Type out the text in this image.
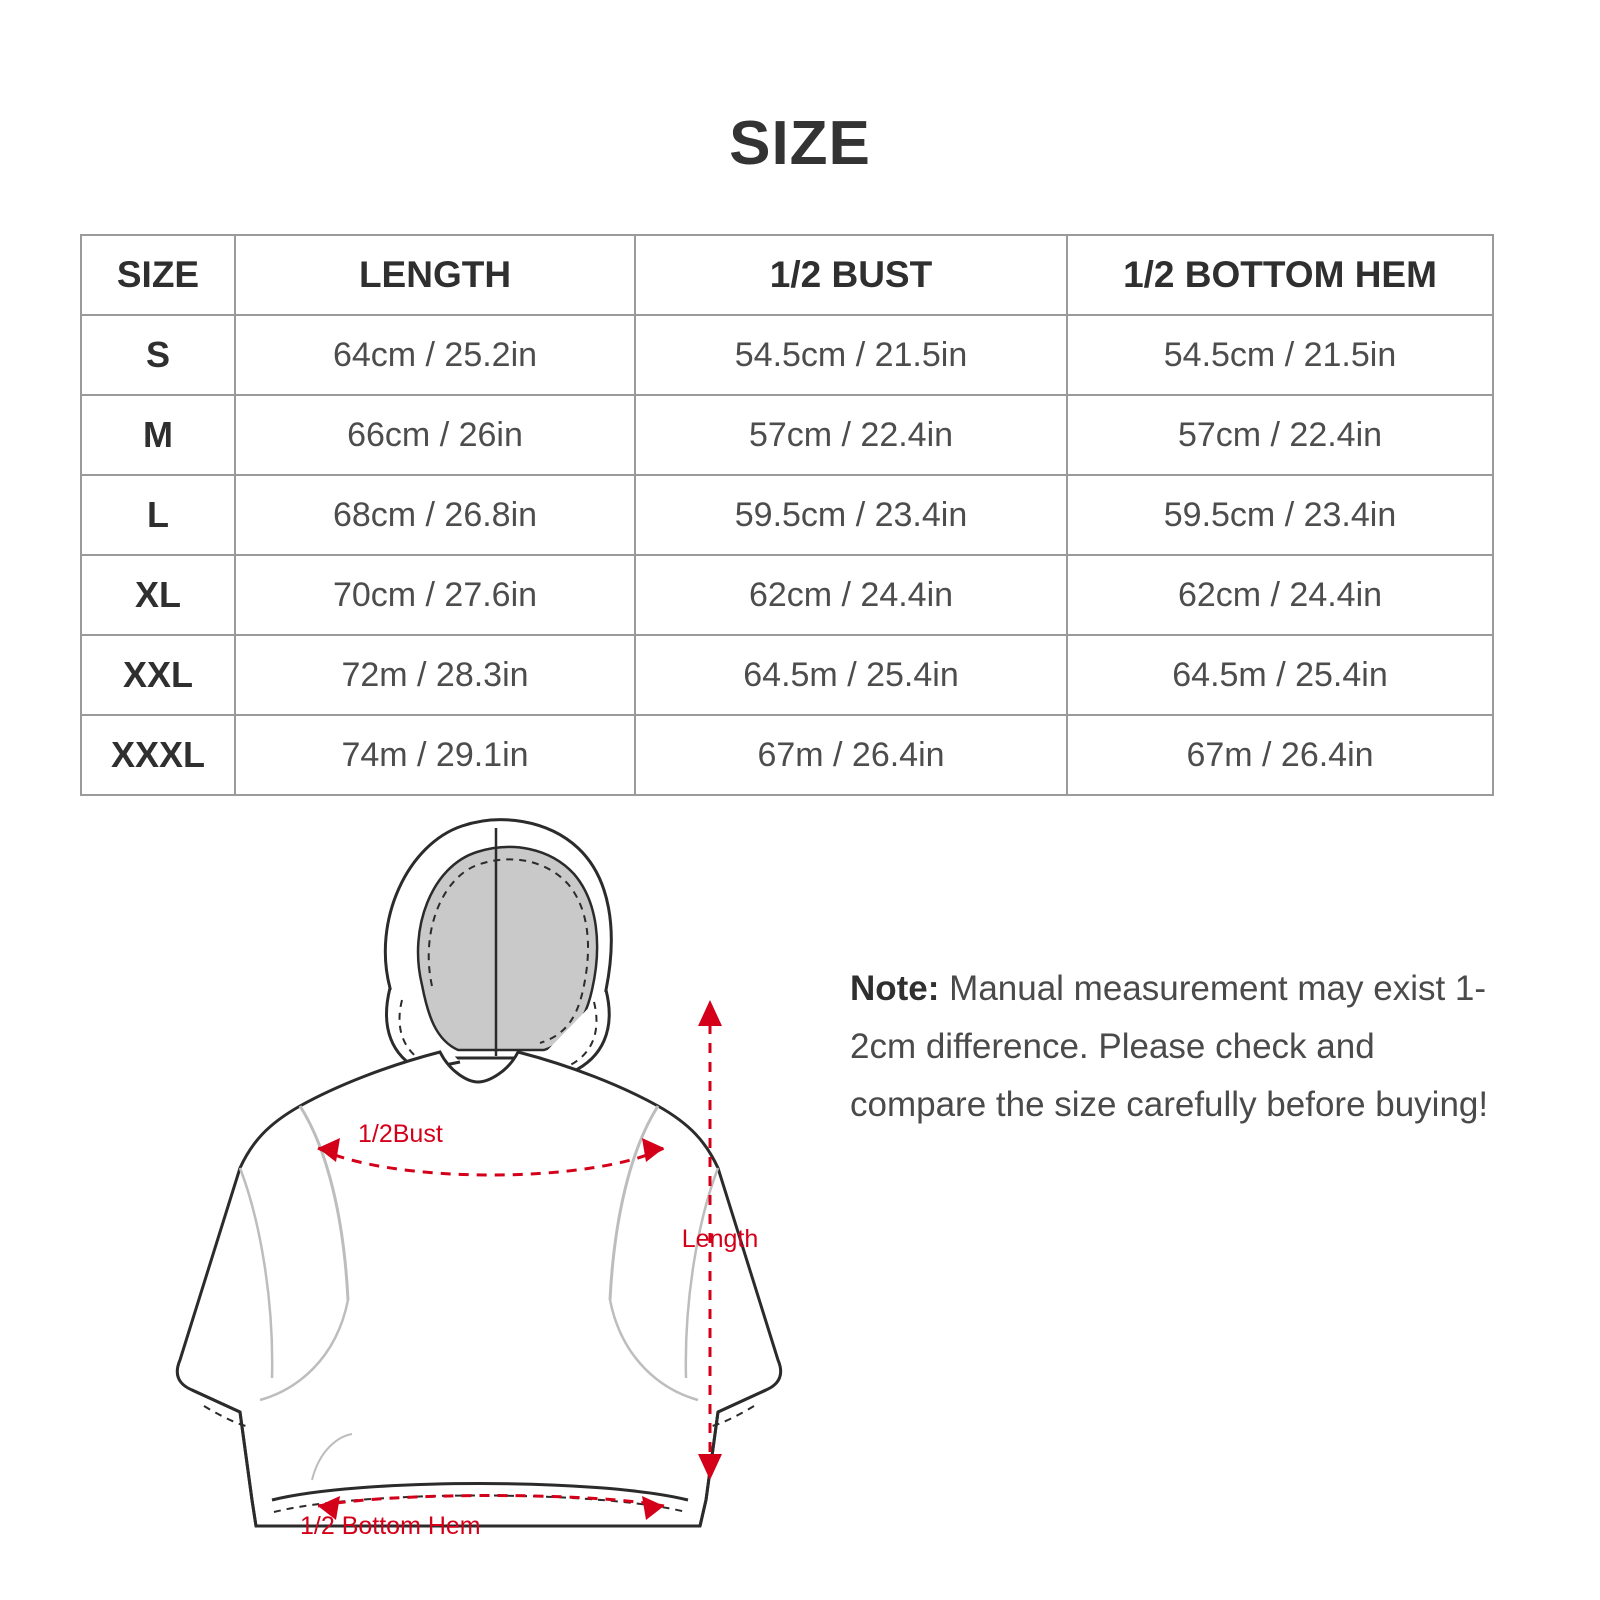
SIZE
SIZE	LENGTH	1/2 BUST	1/2 BOTTOM HEM
S	64cm / 25.2in	54.5cm / 21.5in	54.5cm / 21.5in
M	66cm / 26in	57cm / 22.4in	57cm / 22.4in
L	68cm / 26.8in	59.5cm / 23.4in	59.5cm / 23.4in
XL	70cm / 27.6in	62cm / 24.4in	62cm / 24.4in
XXL	72m / 28.3in	64.5m / 25.4in	64.5m / 25.4in
XXXL	74m / 29.1in	67m / 26.4in	67m / 26.4in
1/2Bust
1/2 Bottom Hem
Length
Note: Manual measurement may exist 1-2cm difference. Please check and compare the size carefully before buying!
